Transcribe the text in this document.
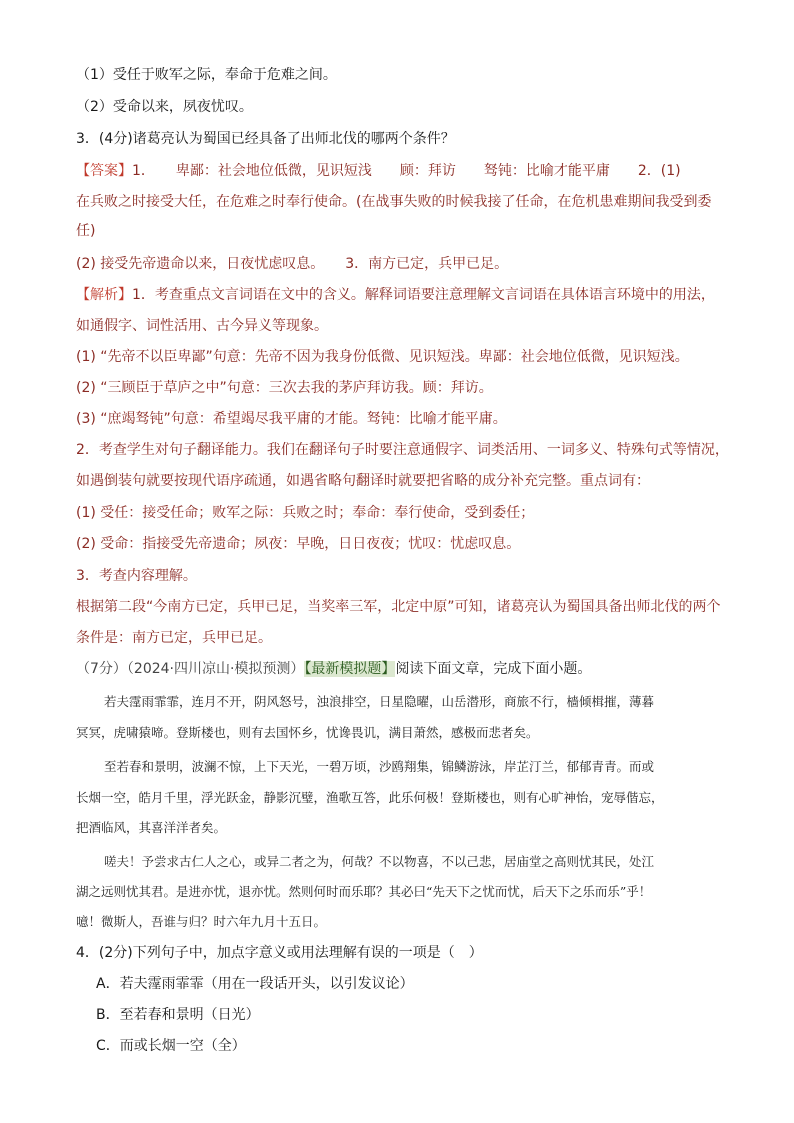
（1）受任于败军之际，奉命于危难之间。
（2）受命以来，夙夜忧叹。
3．(4分)诸葛亮认为蜀国已经具备了出师北伐的哪两个条件？
【答案】1．　　卑鄙：社会地位低微，见识短浅　　顾：拜访　　驽钝：比喻才能平庸　　2．(1)
在兵败之时接受大任，在危难之时奉行使命。(在战事失败的时候我接了任命，在危机患难期间我受到委
任)
(2) 接受先帝遗命以来，日夜忧虑叹息。　　3．南方已定，兵甲已足。
【解析】1．考查重点文言词语在文中的含义。解释词语要注意理解文言词语在具体语言环境中的用法，
如通假字、词性活用、古今异义等现象。
(1) “先帝不以臣卑鄙”句意：先帝不因为我身份低微、见识短浅。卑鄙：社会地位低微，见识短浅。
(2) “三顾臣于草庐之中”句意：三次去我的茅庐拜访我。顾：拜访。
(3) “庶竭驽钝”句意：希望竭尽我平庸的才能。驽钝：比喻才能平庸。
2．考查学生对句子翻译能力。我们在翻译句子时要注意通假字、词类活用、一词多义、特殊句式等情况，
如遇倒装句就要按现代语序疏通，如遇省略句翻译时就要把省略的成分补充完整。重点词有：
(1) 受任：接受任命；败军之际：兵败之时；奉命：奉行使命，受到委任；
(2) 受命：指接受先帝遗命；夙夜：早晚，日日夜夜；忧叹：忧虑叹息。
3．考查内容理解。
根据第二段“今南方已定，兵甲已足，当奖率三军，北定中原”可知，诸葛亮认为蜀国具备出师北伐的两个
条件是：南方已定，兵甲已足。
（7分）（2024·四川凉山·模拟预测）【最新模拟题】阅读下面文章，完成下面小题。
若夫霪雨霏霏，连月不开，阴风怒号，浊浪排空，日星隐曜，山岳潜形，商旅不行，樯倾楫摧，薄暮
冥冥，虎啸猿啼。登斯楼也，则有去国怀乡，忧谗畏讥，满目萧然，感极而悲者矣。
至若春和景明，波澜不惊，上下天光，一碧万顷，沙鸥翔集，锦鳞游泳，岸芷汀兰，郁郁青青。而或
长烟一空，皓月千里，浮光跃金，静影沉璧，渔歌互答，此乐何极！登斯楼也，则有心旷神怡，宠辱偕忘，
把酒临风，其喜洋洋者矣。
嗟夫！予尝求古仁人之心，或异二者之为，何哉？不以物喜，不以己悲，居庙堂之高则忧其民，处江
湖之远则忧其君。是进亦忧，退亦忧。然则何时而乐耶？其必曰“先天下之忧而忧，后天下之乐而乐”乎！
噫！微斯人，吾谁与归？时六年九月十五日。
4．(2分)下列句子中，加点字意义或用法理解有误的一项是（　）
A．若夫霪雨霏霏（用在一段话开头，以引发议论）
B．至若春和景明（日光）
C．而或长烟一空（全）
